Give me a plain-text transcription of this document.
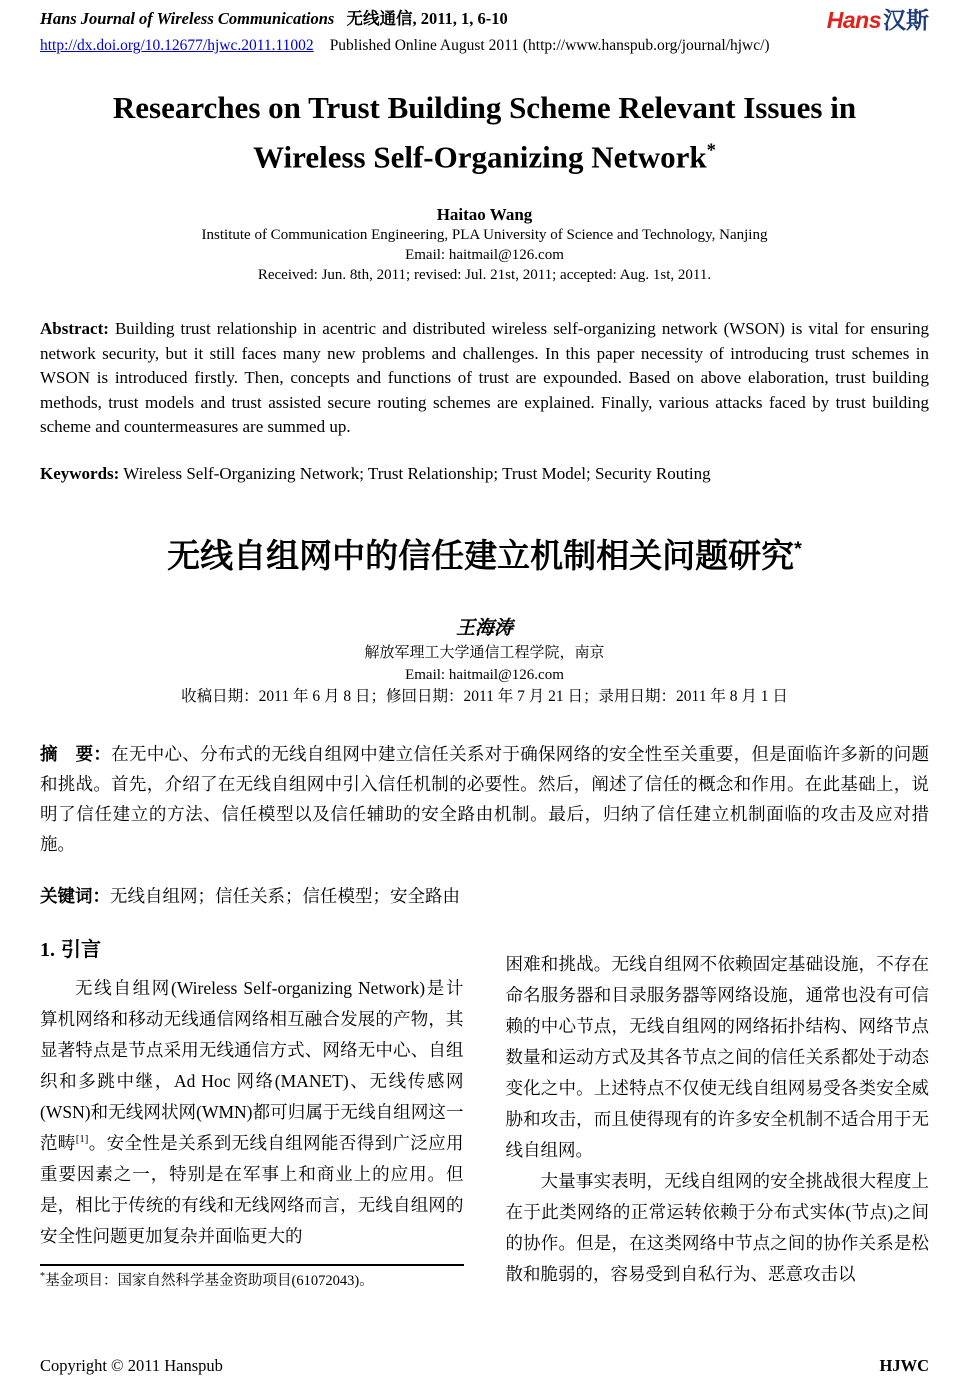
Hans Journal of Wireless Communications 无线通信, 2011, 1, 6-10	Hans汉斯
http://dx.doi.org/10.12677/hjwc.2011.11002 Published Online August 2011 (http://www.hanspub.org/journal/hjwc/)
Researches on Trust Building Scheme Relevant Issues in
Wireless Self-Organizing Network*
Haitao Wang
Institute of Communication Engineering, PLA University of Science and Technology, Nanjing
Email: haitmail@126.com
Received: Jun. 8th, 2011; revised: Jul. 21st, 2011; accepted: Aug. 1st, 2011.

Abstract: Building trust relationship in acentric and distributed wireless self-organizing network (WSON) is vital for ensuring network security, but it still faces many new problems and challenges. In this paper necessity of introducing trust schemes in WSON is introduced firstly. Then, concepts and functions of trust are expounded. Based on above elaboration, trust building methods, trust models and trust assisted secure routing schemes are explained. Finally, various attacks faced by trust building scheme and countermeasures are summed up.

Keywords: Wireless Self-Organizing Network; Trust Relationship; Trust Model; Security Routing

无线自组网中的信任建立机制相关问题研究*
王海涛
解放军理工大学通信工程学院，南京
Email: haitmail@126.com
收稿日期：2011 年 6 月 8 日；修回日期：2011 年 7 月 21 日；录用日期：2011 年 8 月 1 日

摘　要：在无中心、分布式的无线自组网中建立信任关系对于确保网络的安全性至关重要，但是面临许多新的问题和挑战。首先，介绍了在无线自组网中引入信任机制的必要性。然后，阐述了信任的概念和作用。在此基础上，说明了信任建立的方法、信任模型以及信任辅助的安全路由机制。最后，归纳了信任建立机制面临的攻击及应对措施。

关键词：无线自组网；信任关系；信任模型；安全路由

1. 引言

无线自组网(Wireless Self-organizing Network)是计算机网络和移动无线通信网络相互融合发展的产物，其显著特点是节点采用无线通信方式、网络无中心、自组织和多跳中继，Ad Hoc 网络(MANET)、无线传感网(WSN)和无线网状网(WMN)都可归属于无线自组网这一范畴[1]。安全性是关系到无线自组网能否得到广泛应用重要因素之一，特别是在军事上和商业上的应用。但是，相比于传统的有线和无线网络而言，无线自组网的安全性问题更加复杂并面临更大的

*基金项目：国家自然科学基金资助项目(61072043)。

困难和挑战。无线自组网不依赖固定基础设施，不存在命名服务器和目录服务器等网络设施，通常也没有可信赖的中心节点，无线自组网的网络拓扑结构、网络节点数量和运动方式及其各节点之间的信任关系都处于动态变化之中。上述特点不仅使无线自组网易受各类安全威胁和攻击，而且使得现有的许多安全机制不适合用于无线自组网。

大量事实表明，无线自组网的安全挑战很大程度上在于此类网络的正常运转依赖于分布式实体(节点)之间的协作。但是，在这类网络中节点之间的协作关系是松散和脆弱的，容易受到自私行为、恶意攻击以

Copyright © 2011 Hanspub	HJWC
